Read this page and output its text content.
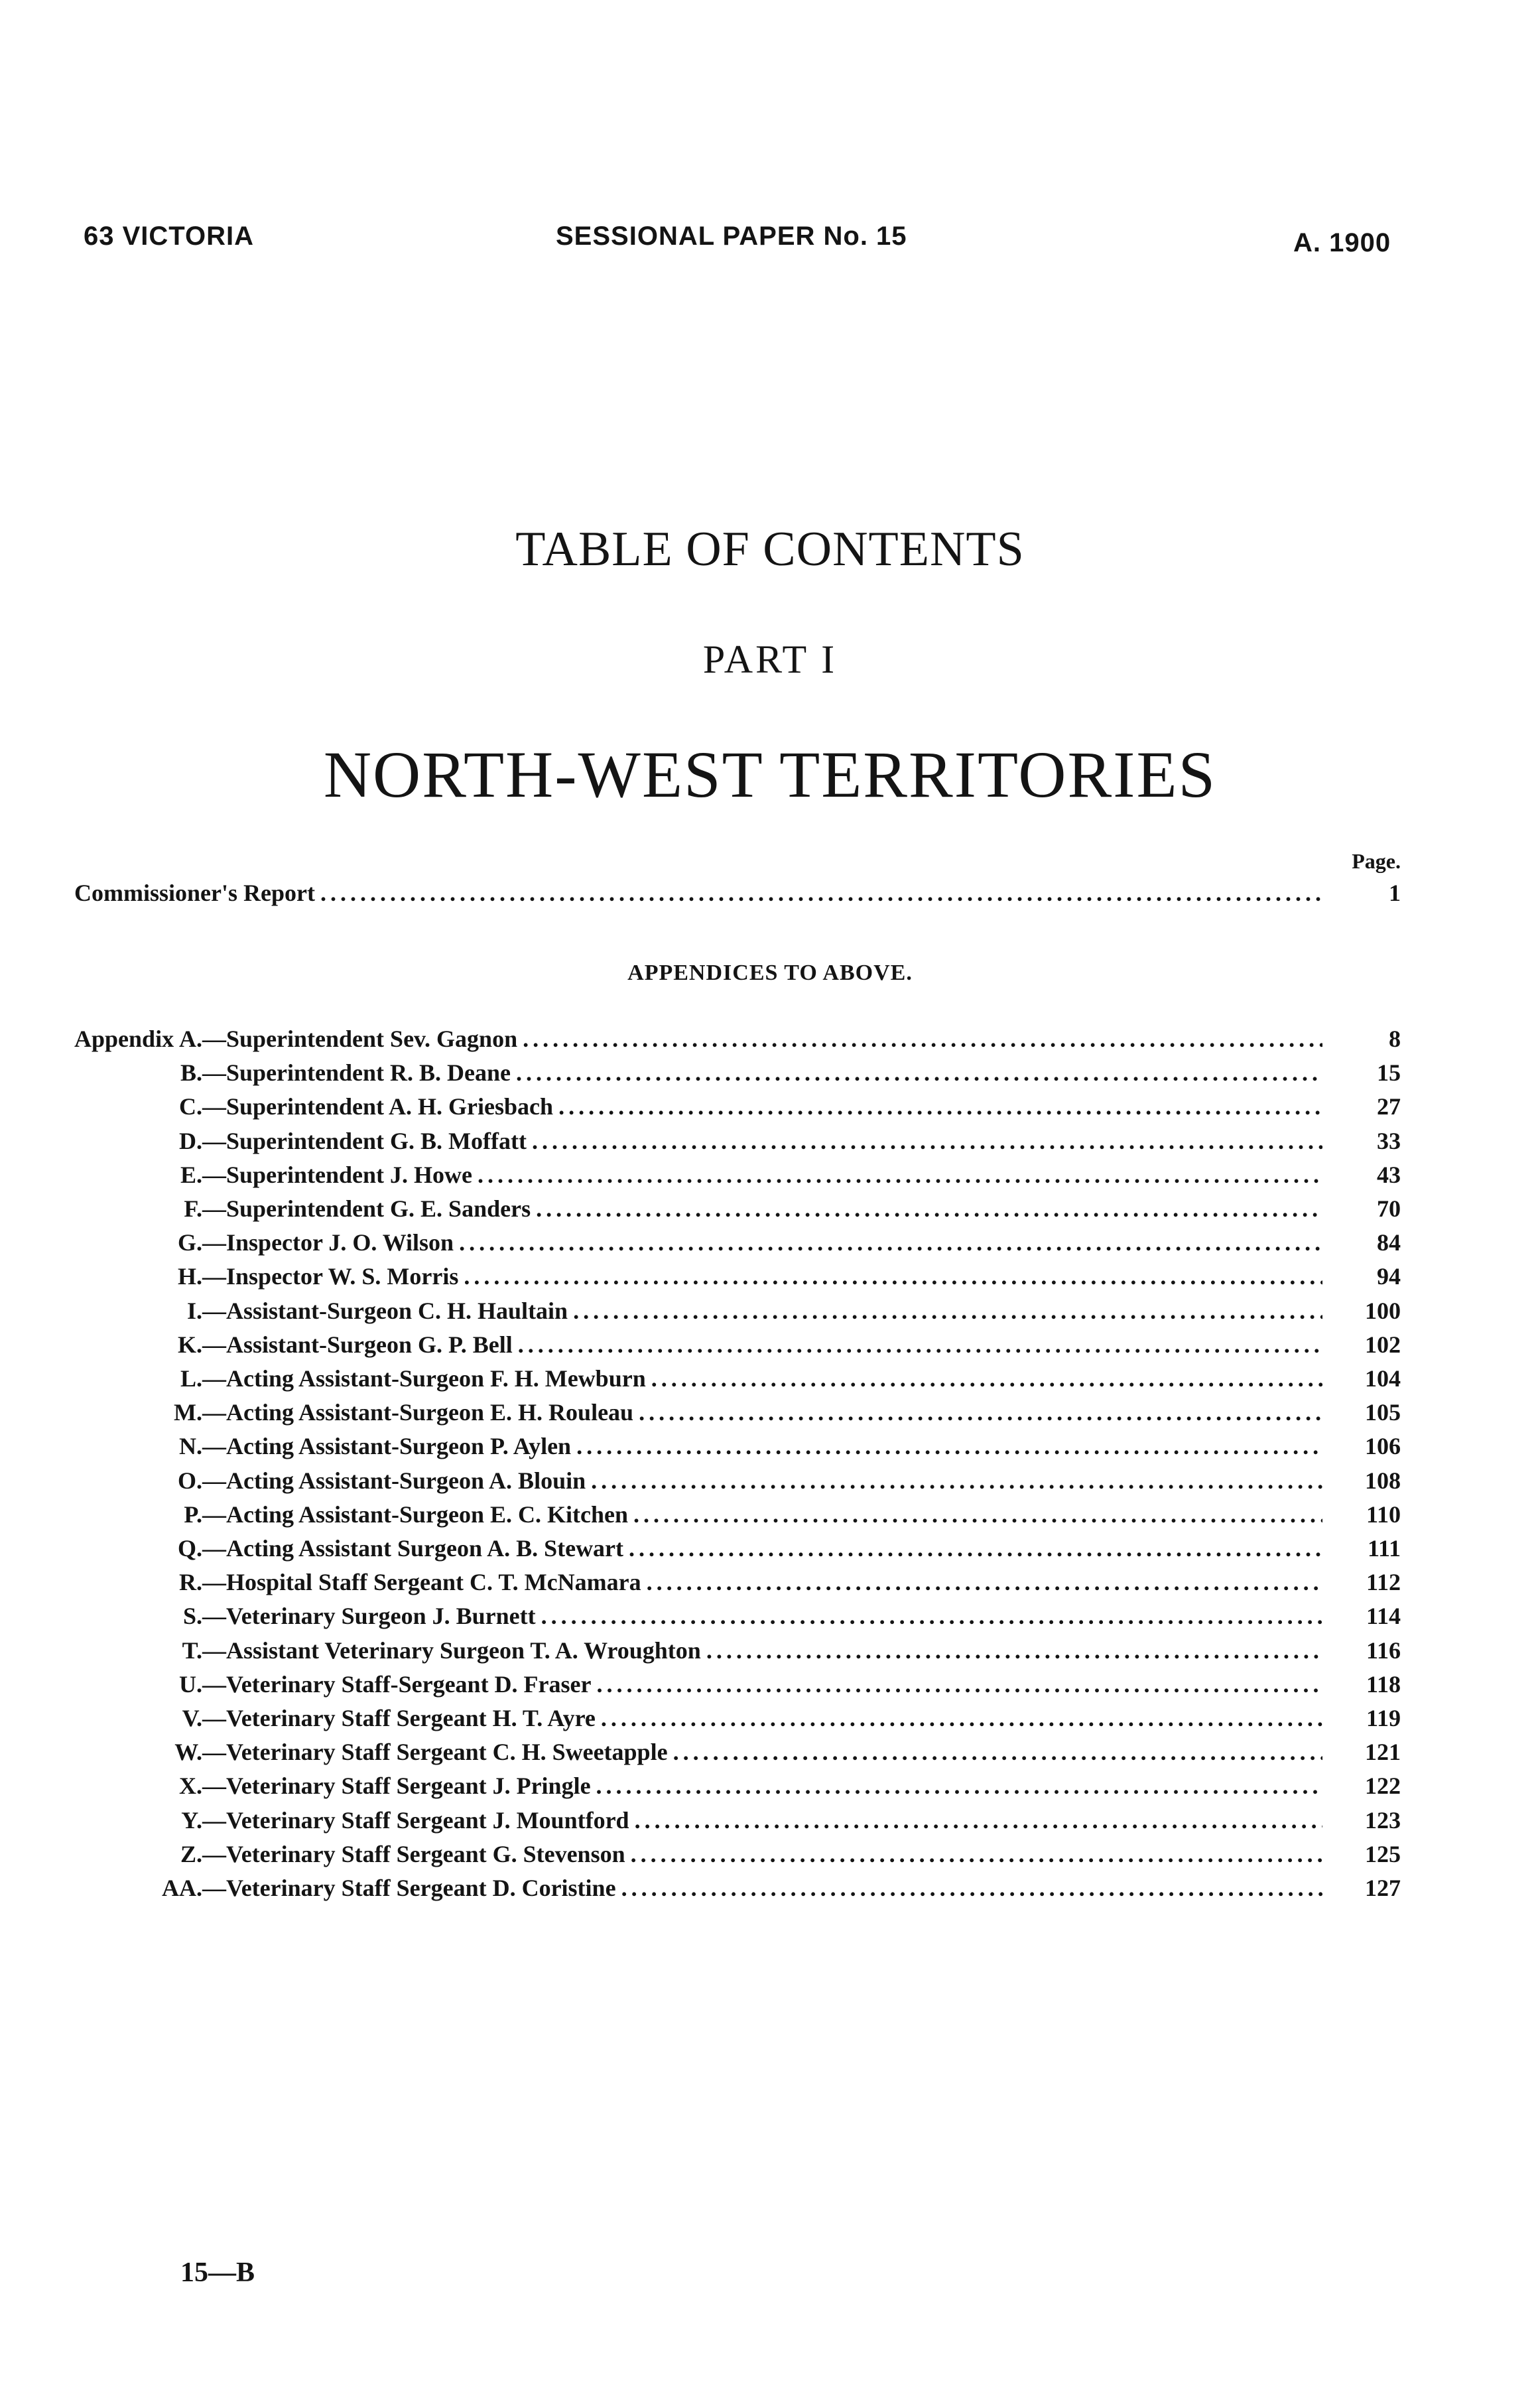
63 VICTORIA	SESSIONAL PAPER No. 15	A. 1900
TABLE OF CONTENTS
PART I
NORTH-WEST TERRITORIES
Page.
Commissioner's Report .....	1
APPENDICES TO ABOVE.
Appendix A.—Superintendent Sev. Gagnon .....	8
B.—Superintendent R. B. Deane .....	15
C.—Superintendent A. H. Griesbach .....	27
D.—Superintendent G. B. Moffatt .....	33
E.—Superintendent J. Howe .....	43
F.—Superintendent G. E. Sanders .....	70
G.—Inspector J. O. Wilson .....	84
H.—Inspector W. S. Morris .....	94
I.—Assistant-Surgeon C. H. Haultain .....	100
K.—Assistant-Surgeon G. P. Bell .....	102
L.—Acting Assistant-Surgeon F. H. Mewburn .....	104
M.—Acting Assistant-Surgeon E. H. Rouleau .....	105
N.—Acting Assistant-Surgeon P. Aylen .....	106
O.—Acting Assistant-Surgeon A. Blouin .....	108
P.—Acting Assistant-Surgeon E. C. Kitchen .....	110
Q.—Acting Assistant Surgeon A. B. Stewart .....	111
R.—Hospital Staff Sergeant C. T. McNamara .....	112
S.—Veterinary Surgeon J. Burnett .....	114
T.—Assistant Veterinary Surgeon T. A. Wroughton .....	116
U.—Veterinary Staff-Sergeant D. Fraser .....	118
V.—Veterinary Staff Sergeant H. T. Ayre .....	119
W.—Veterinary Staff Sergeant C. H. Sweetapple .....	121
X.—Veterinary Staff Sergeant J. Pringle .....	122
Y.—Veterinary Staff Sergeant J. Mountford .....	123
Z.—Veterinary Staff Sergeant G. Stevenson .....	125
AA.—Veterinary Staff Sergeant D. Coristine .....	127
15—B
